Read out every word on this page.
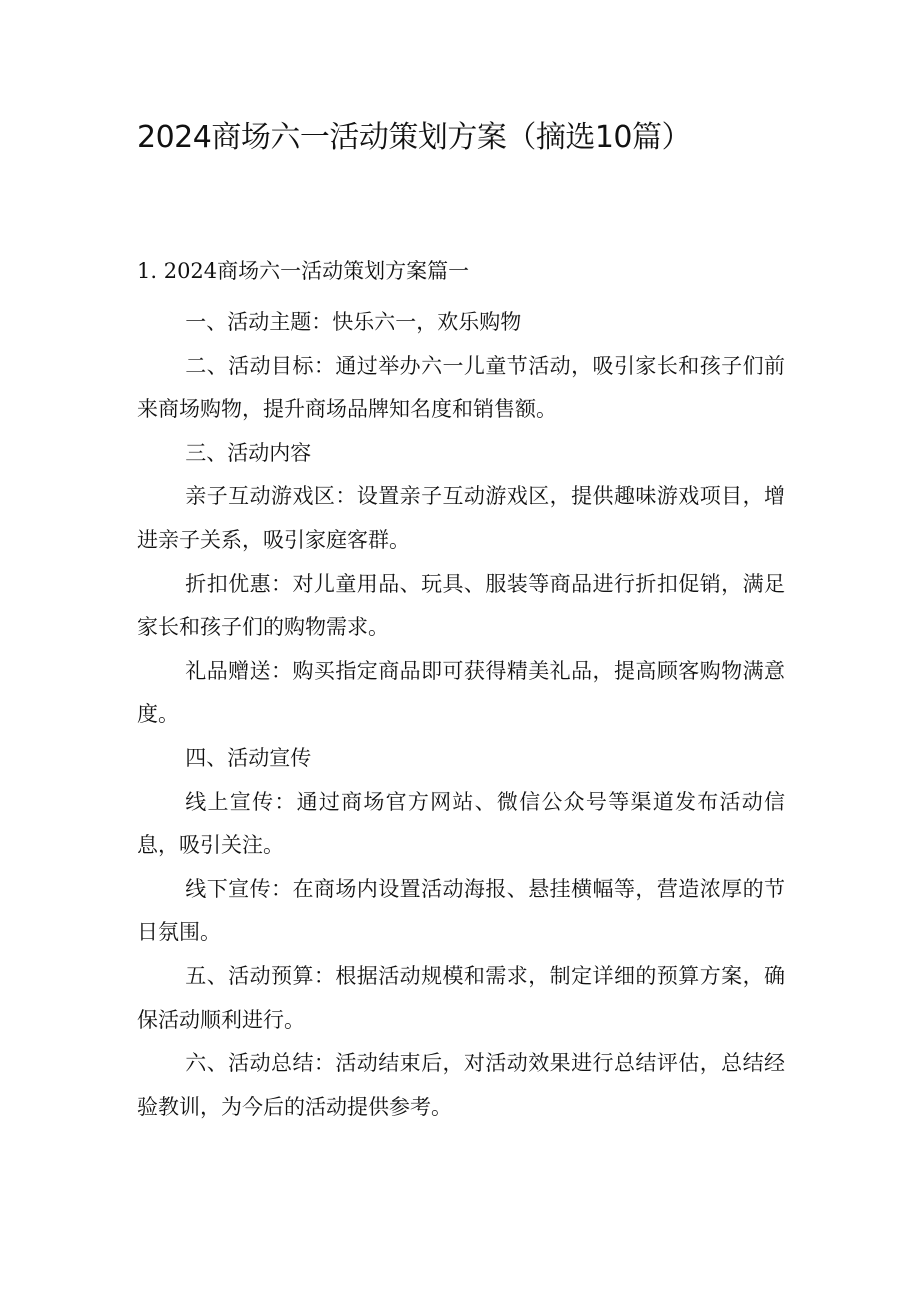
2024商场六一活动策划方案（摘选10篇）
1. 2024商场六一活动策划方案篇一

一、活动主题：快乐六一，欢乐购物

二、活动目标：通过举办六一儿童节活动，吸引家长和孩子们前来商场购物，提升商场品牌知名度和销售额。

三、活动内容

亲子互动游戏区：设置亲子互动游戏区，提供趣味游戏项目，增进亲子关系，吸引家庭客群。

折扣优惠：对儿童用品、玩具、服装等商品进行折扣促销，满足家长和孩子们的购物需求。

礼品赠送：购买指定商品即可获得精美礼品，提高顾客购物满意度。

四、活动宣传

线上宣传：通过商场官方网站、微信公众号等渠道发布活动信息，吸引关注。

线下宣传：在商场内设置活动海报、悬挂横幅等，营造浓厚的节日氛围。

五、活动预算：根据活动规模和需求，制定详细的预算方案，确保活动顺利进行。

六、活动总结：活动结束后，对活动效果进行总结评估，总结经验教训，为今后的活动提供参考。
